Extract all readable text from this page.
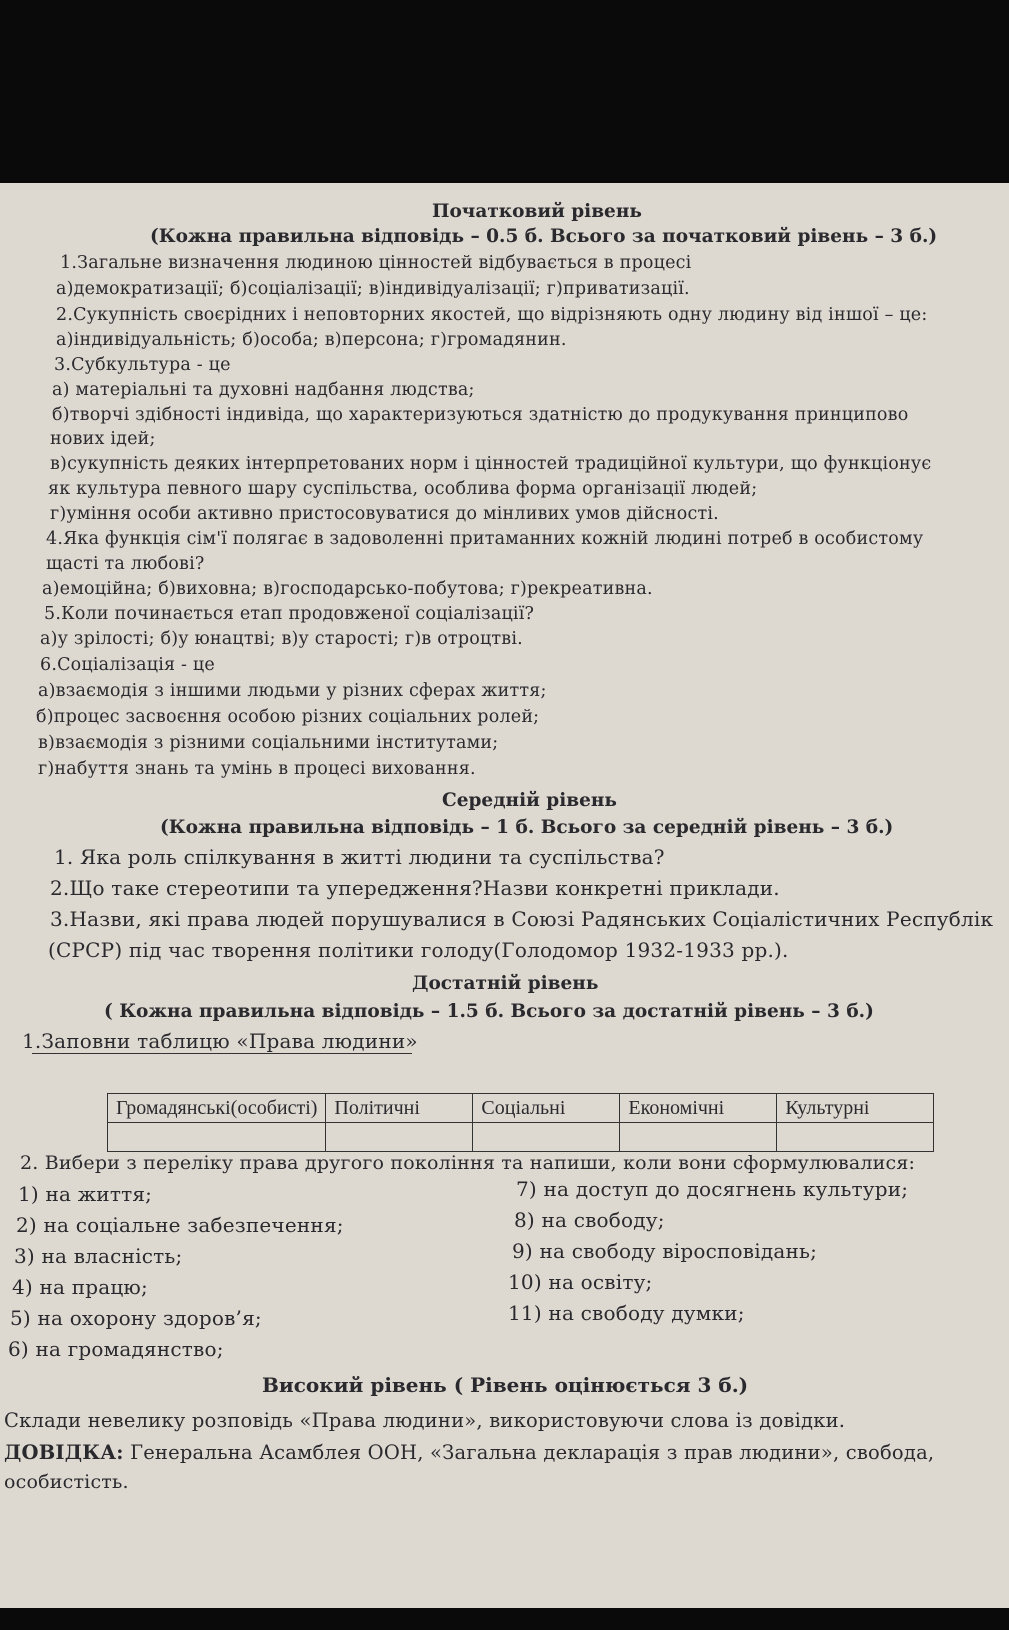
Початковий рівень
(Кожна правильна відповідь – 0.5 б. Всього за початковий рівень – 3 б.)
1.Загальне визначення людиною цінностей відбувається в процесі
а)демократизації; б)соціалізації; в)індивідуалізації; г)приватизації.
2.Сукупність своєрідних і неповторних якостей, що відрізняють одну людину від іншої – це:
а)індивідуальність; б)особа; в)персона; г)громадянин.
3.Субкультура - це
а) матеріальні та духовні надбання людства;
б)творчі здібності індивіда, що характеризуються здатністю до продукування принципово
нових ідей;
в)сукупність деяких інтерпретованих норм і цінностей традиційної культури, що функціонує
як культура певного шару суспільства, особлива форма організації людей;
г)уміння особи активно пристосовуватися до мінливих умов дійсності.
4.Яка функція сім'ї полягає в задоволенні притаманних кожній людині потреб в особистому
щасті та любові?
а)емоційна; б)виховна; в)господарсько-побутова; г)рекреативна.
5.Коли починається етап продовженої соціалізації?
а)у зрілості; б)у юнацтві; в)у старості; г)в отроцтві.
6.Соціалізація - це
а)взаємодія з іншими людьми у різних сферах життя;
б)процес засвоєння особою різних соціальних ролей;
в)взаємодія з різними соціальними інститутами;
г)набуття знань та умінь в процесі виховання.
Середній рівень
(Кожна правильна відповідь – 1 б. Всього за середній рівень – 3 б.)
1. Яка роль спілкування в житті людини та суспільства?
2.Що таке стереотипи та упередження?Назви конкретні приклади.
3.Назви, які права людей порушувалися в Союзі Радянських Соціалістичних Республік
(СРСР) під час творення політики голоду(Голодомор 1932-1933 рр.).
Достатній рівень
( Кожна правильна відповідь – 1.5 б. Всього за достатній рівень – 3 б.)
1.Заповни таблицю «Права людини»
Громадянські(особисті)	Політичні	Соціальні	Економічні	Культурні

2. Вибери з переліку права другого покоління та напиши, коли вони сформулювалися:
1) на життя;
2) на соціальне забезпечення;
3) на власність;
4) на працю;
5) на охорону здоров’я;
6) на громадянство;
7) на доступ до досягнень культури;
8) на свободу;
9) на свободу віросповідань;
10) на освіту;
11) на свободу думки;
Високий рівень ( Рівень оцінюється 3 б.)
Склади невелику розповідь «Права людини», використовуючи слова із довідки.
ДОВІДКА: Генеральна Асамблея ООН, «Загальна декларація з прав людини», свобода,
особистість.
